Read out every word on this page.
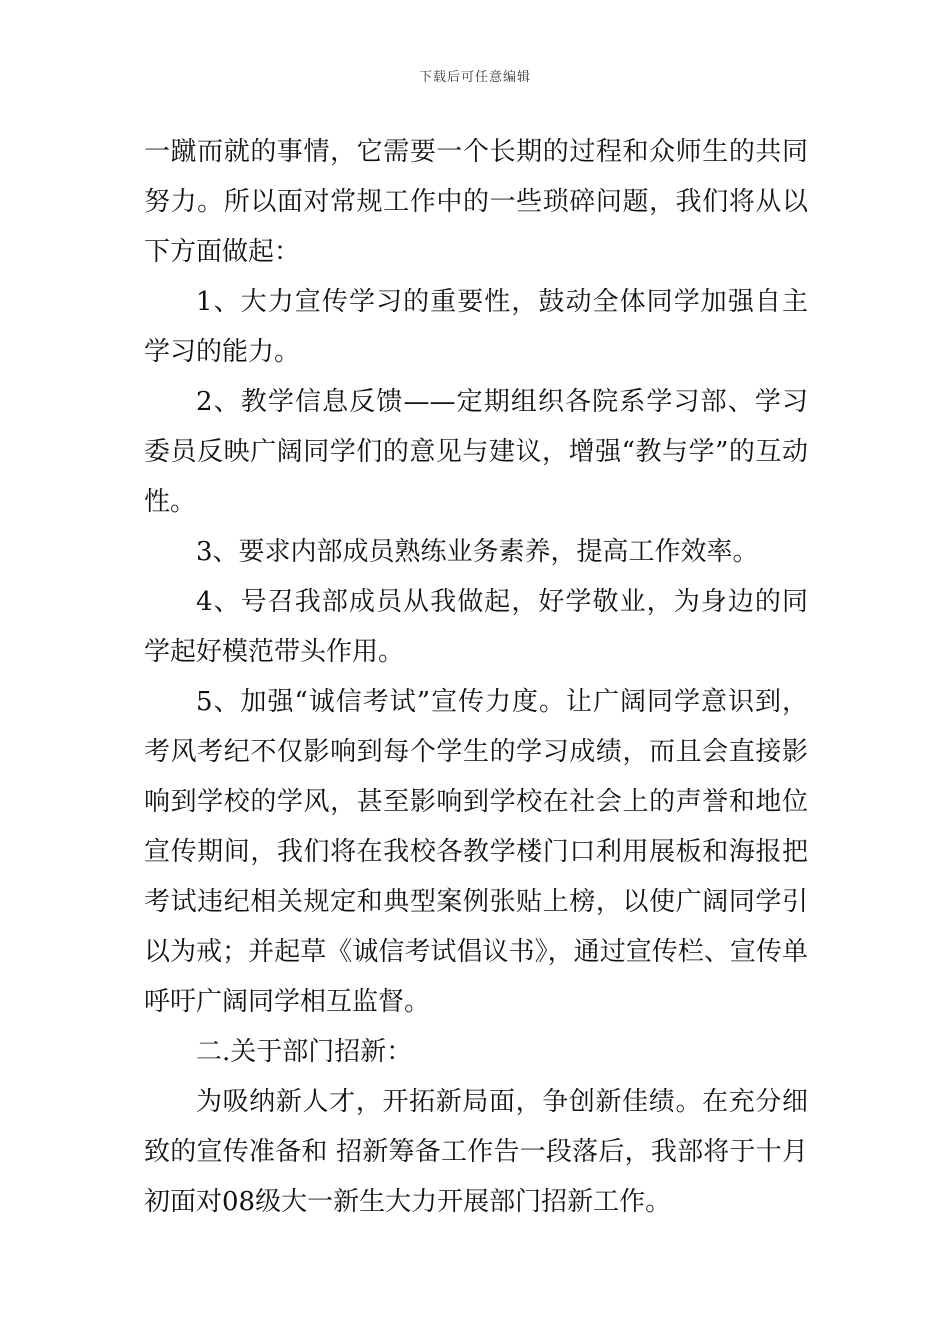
下载后可任意编辑

一蹴而就的事情，它需要一个长期的过程和众师生的共同努力。所以面对常规工作中的一些琐碎问题，我们将从以下方面做起：

1、大力宣传学习的重要性，鼓动全体同学加强自主学习的能力。

2、教学信息反馈——定期组织各院系学习部、学习委员反映广阔同学们的意见与建议，增强“教与学”的互动性。

3、要求内部成员熟练业务素养，提高工作效率。

4、号召我部成员从我做起，好学敬业，为身边的同学起好模范带头作用。

5、加强“诚信考试”宣传力度。让广阔同学意识到，考风考纪不仅影响到每个学生的学习成绩，而且会直接影响到学校的学风，甚至影响到学校在社会上的声誉和地位宣传期间，我们将在我校各教学楼门口利用展板和海报把考试违纪相关规定和典型案例张贴上榜，以使广阔同学引以为戒；并起草《诚信考试倡议书》，通过宣传栏、宣传单呼吁广阔同学相互监督。

二.关于部门招新：

为吸纳新人才，开拓新局面，争创新佳绩。在充分细致的宣传准备和 招新筹备工作告一段落后，我部将于十月初面对08级大一新生大力开展部门招新工作。
